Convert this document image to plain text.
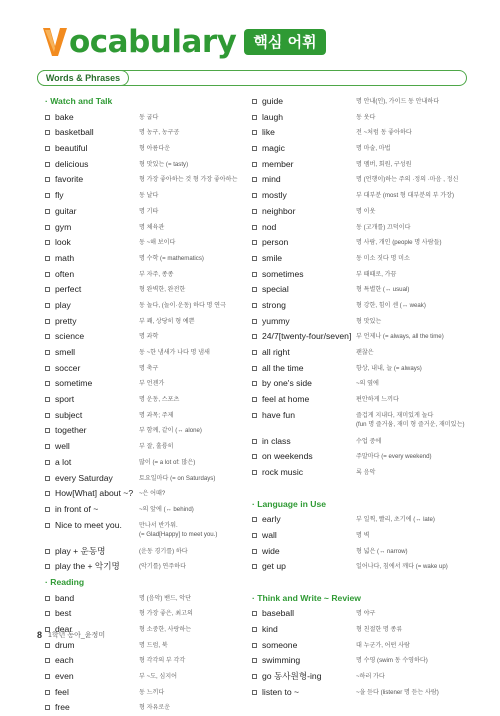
ocabulary	핵심 어휘
Words & Phrases
· Watch and Talk
bake	동 굽다
basketball	명 농구, 농구공
beautiful	형 아름다운
delicious	형 맛있는 (= tasty)
favorite	형 가장 좋아하는 것 형 가장 좋아하는
fly	동 날다
guitar	명 기타
gym	명 체육관
look	동 ~해 보이다
math	명 수학 (= mathematics)
often	부 자주, 종종
perfect	형 완벽한, 완전한
play	동 놀다, (놀이·운동) 하다 명 연극
pretty	부 꽤, 상당히 형 예쁜
science	명 과학
smell	동 ~한 냄새가 나다 명 냄새
soccer	명 축구
sometime	부 언젠가
sport	명 운동, 스포츠
subject	명 과목; 주제
together	부 함께, 같이 (↔ alone)
well	부 잘, 훌륭히
a lot	많이 (= a lot of: 많은)
every Saturday	토요일마다 (= on Saturdays)
How[What] about ~? ~은 어때?
in front of ~	~의 앞에 (↔ behind)
Nice to meet you.	만나서 반가워.
(= Glad[Happy] to meet you.)
play + 운동명	(운동 경기를) 하다
play the + 악기명	(악기를) 연주하다
· Reading
band	명 (음악) 밴드, 악단
best	형 가장 좋은, 최고의
dear	형 소중한, 사랑하는
drum	명 드럼, 북
each	형 각각의 부 각각
even	부 ~도, 심지어
feel	동 느끼다
free	형 자유로운
guide	명 안내(인), 가이드 동 안내하다
laugh	동 웃다
like	전 ~처럼 동 좋아하다
magic	명 마술, 마법
member	명 멤버, 회원, 구성원
mind	명 (언행이)하는 주의 ·정의 ·마음 , 정신
mostly	부 대부분 (most 형 대부분의 부 가장)
neighbor	명 이웃
nod	동 (고개를) 끄덕이다
person	명 사람, 개인 (people 명 사람들)
smile	동 미소 짓다 명 미소
sometimes	부 때때로, 가끔
special	형 특별한 (↔ usual)
strong	형 강한, 힘이 센 (↔ weak)
yummy	형 맛있는
24/7[twenty-four/seven] 부 언제나 (= always, all the time)
all right	괜찮은
all the time	항상, 내내, 늘 (= always)
by one's side	~의 옆에
feel at home	편안하게 느끼다
have fun	즐겁게 지내다, 재미있게 놀다
(fun 명 즐거움, 재미 형 즐거운, 재미있는)
in class	수업 중에
on weekends	주말마다 (= every weekend)
rock music	록 음악
· Language in Use
early	부 일찍, 빨리, 초기에 (↔ late)
wall	명 벽
wide	형 넓은 (↔ narrow)
get up	일어나다, 침에서 깨다 (= wake up)
· Think and Write ~ Review
baseball	명 야구
kind	형 친절한 명 종류
someone	대 누군가, 어떤 사람
swimming	명 수영 (swim 동 수영하다)
go 동사원형-ing	~하러 가다
listen to ~	~을 듣다 (listener 명 듣는 사람)
8 1학년 동아_윤정미
